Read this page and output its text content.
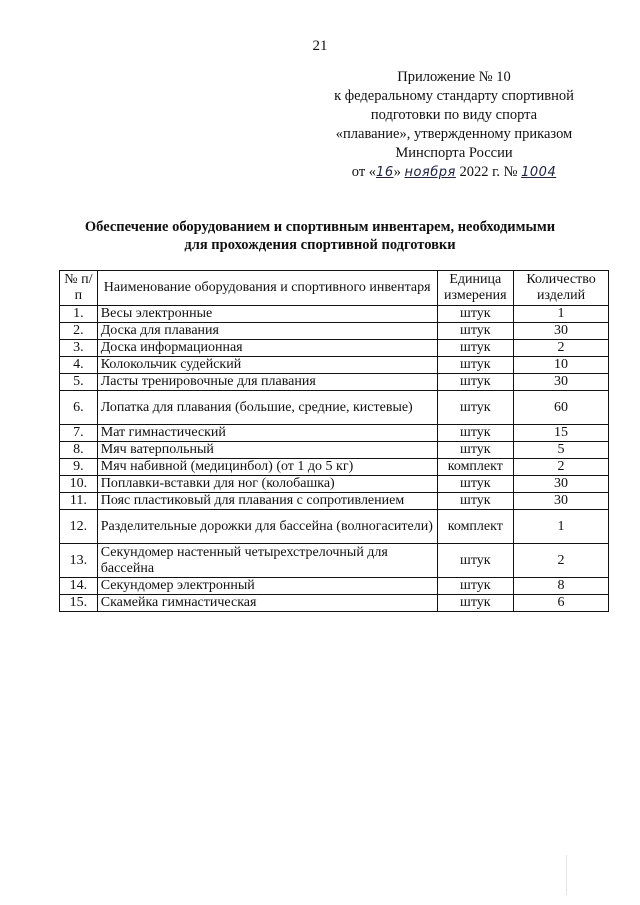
21
Приложение № 10
к федеральному стандарту спортивной
подготовки по виду спорта
«плавание», утвержденному приказом
Минспорта России
от «16» ноября 2022 г. № 1004
Обеспечение оборудованием и спортивным инвентарем, необходимыми
для прохождения спортивной подготовки
№ п/п	Наименование оборудования и спортивного инвентаря	Единица измерения	Количество изделий
1.	Весы электронные	штук	1
2.	Доска для плавания	штук	30
3.	Доска информационная	штук	2
4.	Колокольчик судейский	штук	10
5.	Ласты тренировочные для плавания	штук	30
6.	Лопатка для плавания (большие, средние, кистевые)	штук	60
7.	Мат гимнастический	штук	15
8.	Мяч ватерпольный	штук	5
9.	Мяч набивной (медицинбол) (от 1 до 5 кг)	комплект	2
10.	Поплавки-вставки для ног (колобашка)	штук	30
11.	Пояс пластиковый для плавания с сопротивлением	штук	30
12.	Разделительные дорожки для бассейна (волногасители)	комплект	1
13.	Секундомер настенный четырехстрелочный для бассейна	штук	2
14.	Секундомер электронный	штук	8
15.	Скамейка гимнастическая	штук	6
